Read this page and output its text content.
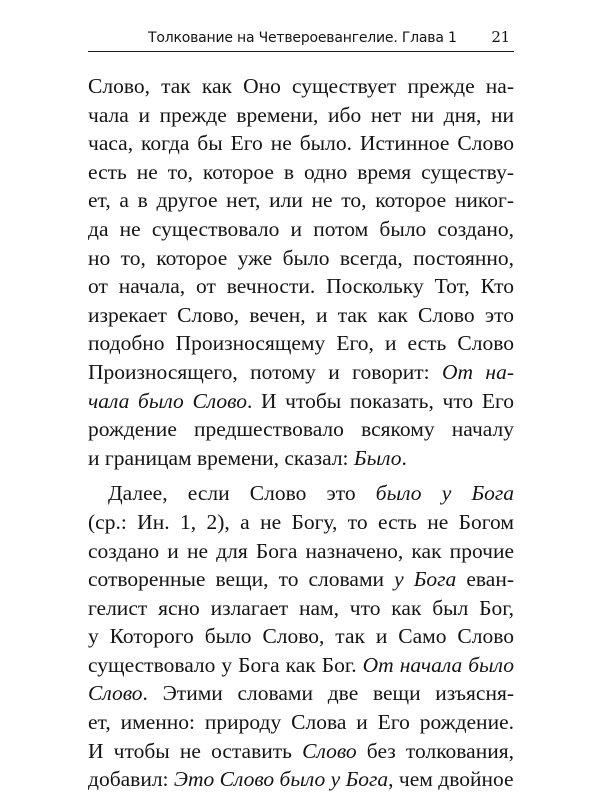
Толкование на Четвероевангелие. Глава 1 21
Слово, так как Оно существует прежде на-
чала и прежде времени, ибо нет ни дня, ни
часа, когда бы Его не было. Истинное Слово
есть не то, которое в одно время существу-
ет, а в другое нет, или не то, которое никог-
да не существовало и потом было создано,
но то, которое уже было всегда, постоянно,
от начала, от вечности. Поскольку Тот, Кто
изрекает Слово, вечен, и так как Слово это
подобно Произносящему Его, и есть Слово
Произносящего, потому и говорит: От на-
чала было Слово. И чтобы показать, что Его
рождение предшествовало всякому началу
и границам времени, сказал: Было.
Далее, если Слово это было у Бога
(ср.: Ин. 1, 2), а не Богу, то есть не Богом
создано и не для Бога назначено, как прочие
сотворенные вещи, то словами у Бога еван-
гелист ясно излагает нам, что как был Бог,
у Которого было Слово, так и Само Слово
существовало у Бога как Бог. От начала было
Слово. Этими словами две вещи изъясня-
ет, именно: природу Слова и Его рождение.
И чтобы не оставить Слово без толкования,
добавил: Это Слово было у Бога, чем двойное
